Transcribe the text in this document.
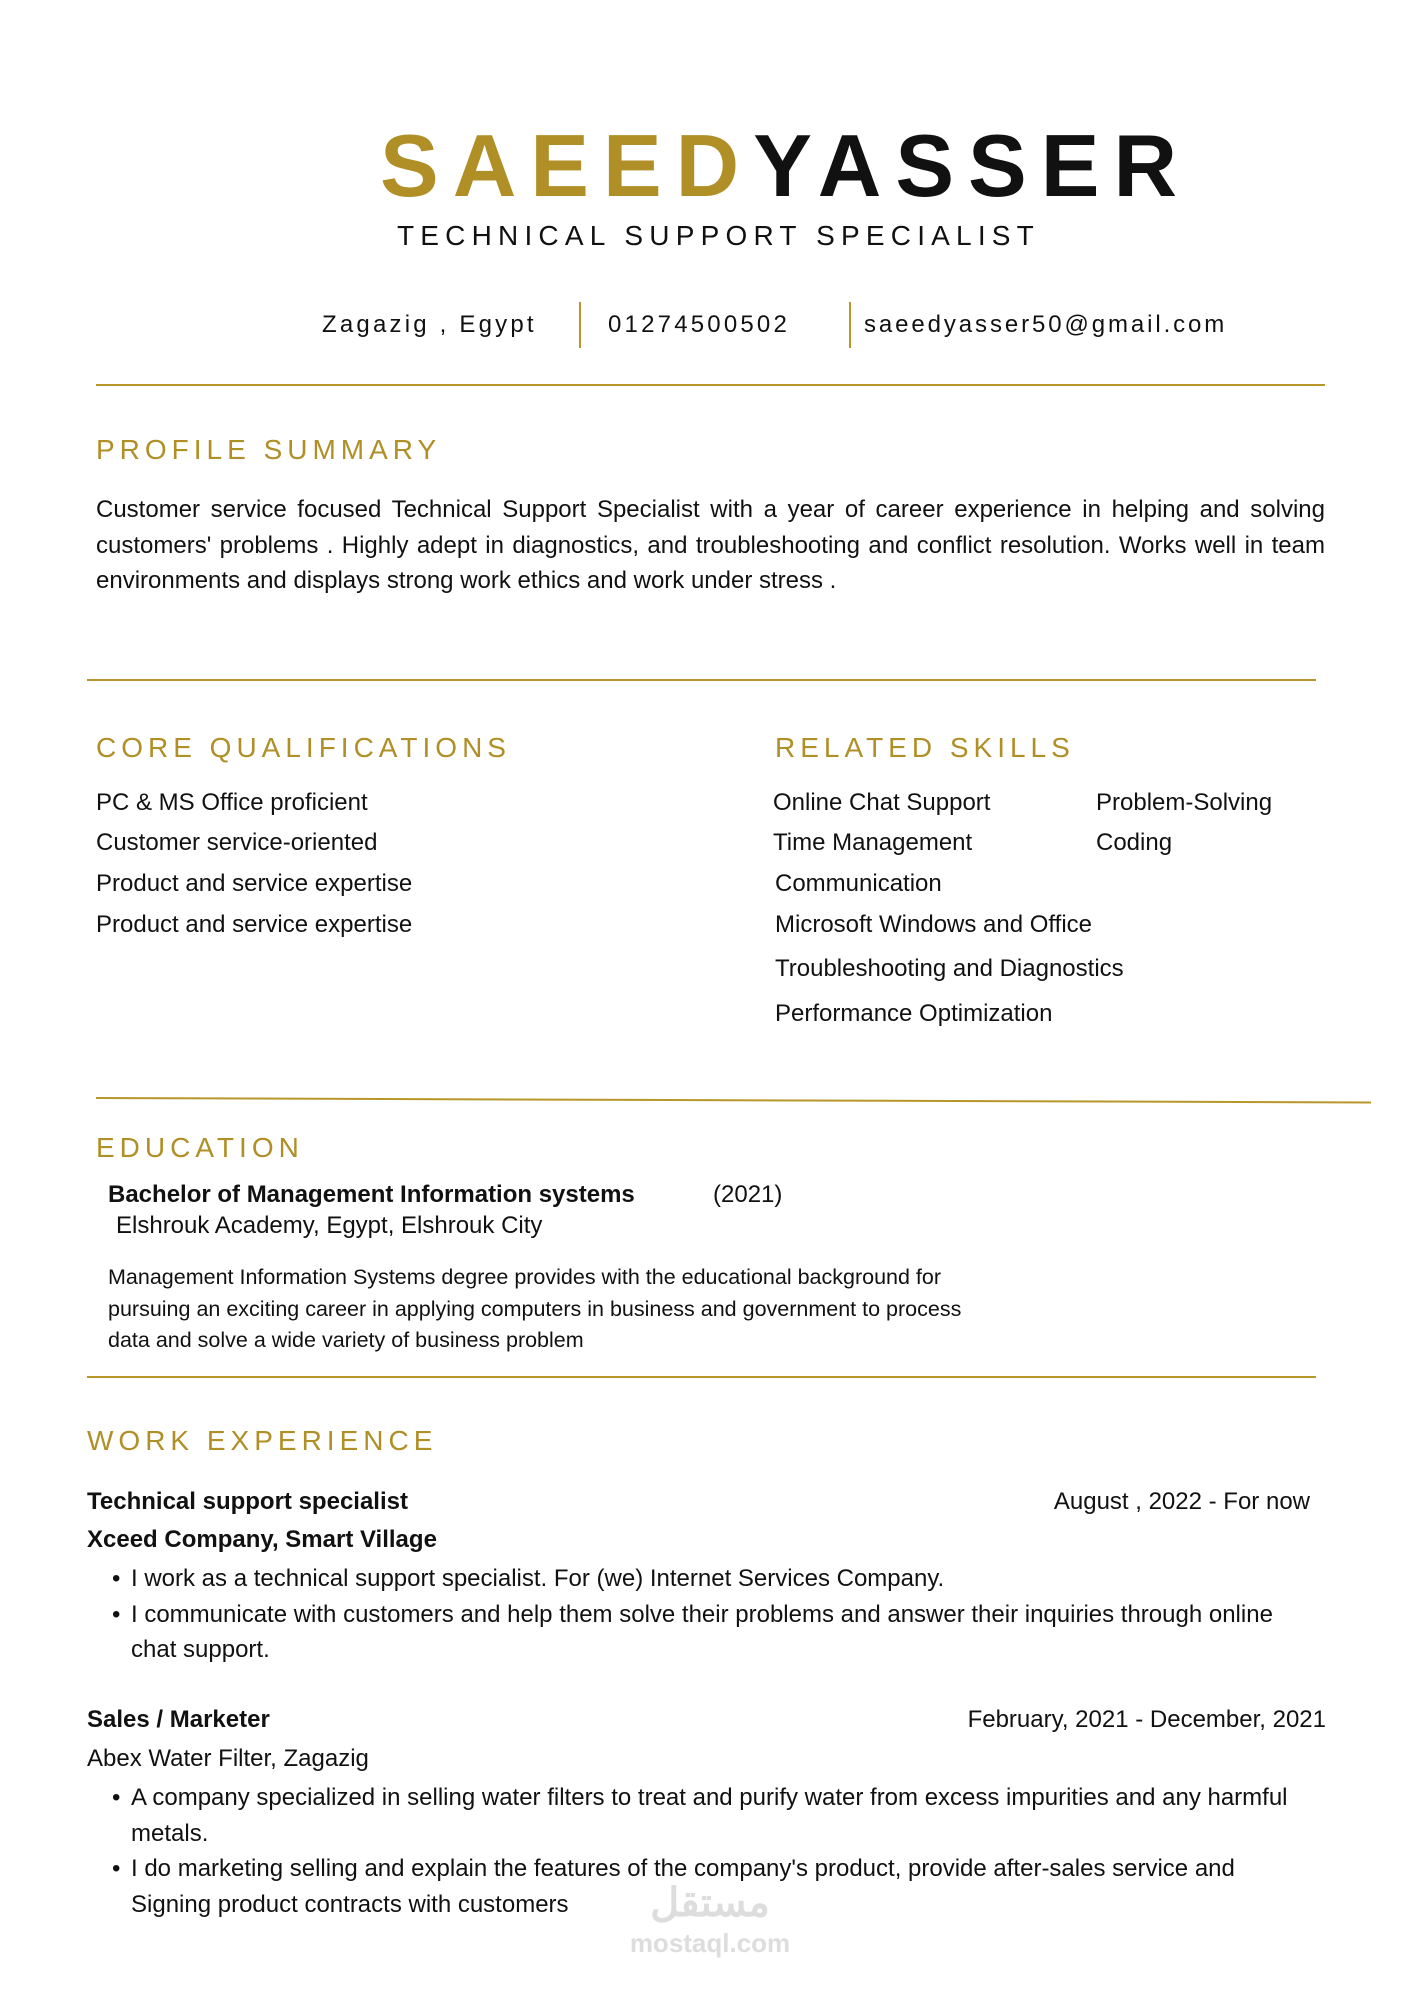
SAEEDYASSER
TECHNICAL SUPPORT SPECIALIST
Zagazig , Egypt	01274500502	saeedyasser50@gmail.com
PROFILE SUMMARY
Customer service focused Technical Support Specialist with a year of career experience in helping and solving customers' problems . Highly adept in diagnostics, and troubleshooting and conflict resolution. Works well in team environments and displays strong work ethics and work under stress .
CORE QUALIFICATIONS
PC & MS Office proficient
Customer service-oriented
Product and service expertise
Product and service expertise
RELATED SKILLS
Online Chat Support	Problem-Solving
Time Management	Coding
Communication
Microsoft Windows and Office
Troubleshooting and Diagnostics
Performance Optimization
EDUCATION
Bachelor of Management Information systems	(2021)
Elshrouk Academy, Egypt, Elshrouk City
Management Information Systems degree provides with the educational background for pursuing an exciting career in applying computers in business and government to process data and solve a wide variety of business problem
WORK EXPERIENCE
Technical support specialist	August , 2022 - For now
Xceed Company, Smart Village
• I work as a technical support specialist. For (we) Internet Services Company.
• I communicate with customers and help them solve their problems and answer their inquiries through online chat support.
Sales / Marketer	February, 2021 - December, 2021
Abex Water Filter, Zagazig
• A company specialized in selling water filters to treat and purify water from excess impurities and any harmful metals.
• I do marketing selling and explain the features of the company's product, provide after-sales service and Signing product contracts with customers	مستقل
mostaql.com
